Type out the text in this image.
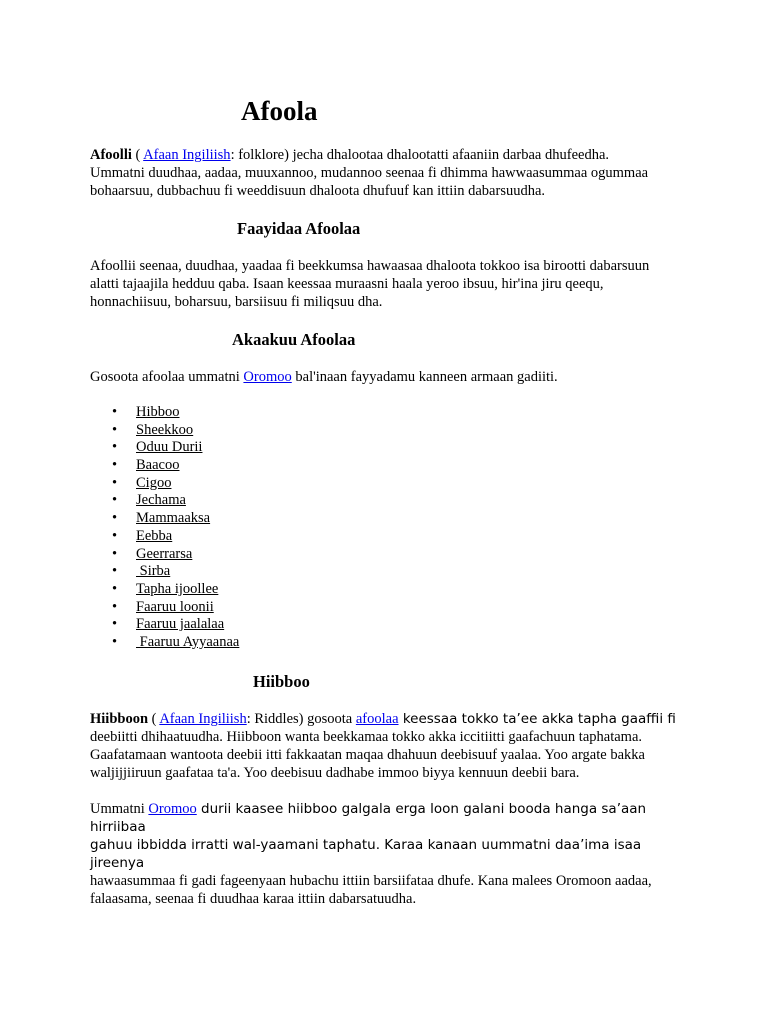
Afoola

Afoolli ( Afaan Ingiliish: folklore) jecha dhalootaa dhalootatti afaaniin darbaa dhufeedha.

Ummatni duudhaa, aadaa, muuxannoo, mudannoo seenaa fi dhimma hawwaasummaa ogummaa

bohaarsuu, dubbachuu fi weeddisuun dhaloota dhufuuf kan ittiin dabarsuudha.

Faayidaa Afoolaa

Afoollii seenaa, duudhaa, yaadaa fi beekkumsa hawaasaa dhaloota tokkoo isa birootti dabarsuun

alatti tajaajila hedduu qaba. Isaan keessaa muraasni haala yeroo ibsuu, hir'ina jiru qeequ,

honnachiisuu, boharsuu, barsiisuu fi miliqsuu dha.

Akaakuu Afoolaa

Gosoota afoolaa ummatni Oromoo bal'inaan fayyadamu kanneen armaan gadiiti.

•	Hibboo
•	Sheekkoo
•	Oduu Durii
•	Baacoo
•	Cigoo
•	Jechama
•	Mammaaksa
•	Eebba
•	Geerrarsa
•	Sirba
•	Tapha ijoollee
•	Faaruu loonii
•	Faaruu jaalalaa
•	Faaruu Ayyaanaa
Hiibboo

Hiibboon ( Afaan Ingiliish: Riddles) gosoota afoolaa keessaa tokko ta’ee akka tapha gaaffii fi

deebiitti dhihaatuudha. Hiibboon wanta beekkamaa tokko akka iccitiitti gaafachuun taphatama.

Gaafatamaan wantoota deebii itti fakkaatan maqaa dhahuun deebisuuf yaalaa. Yoo argate bakka

waljijjiiruun gaafataa ta'a. Yoo deebisuu dadhabe immoo biyya kennuun deebii bara.

Ummatni Oromoo durii kaasee hiibboo galgala erga loon galani booda hanga sa’aan hirriibaa

gahuu ibbidda irratti wal-yaamani taphatu. Karaa kanaan uummatni daa’ima isaa jireenya

hawaasummaa fi gadi fageenyaan hubachu ittiin barsiifataa dhufe. Kana malees Oromoon aadaa,

falaasama, seenaa fi duudhaa karaa ittiin dabarsatuudha.
